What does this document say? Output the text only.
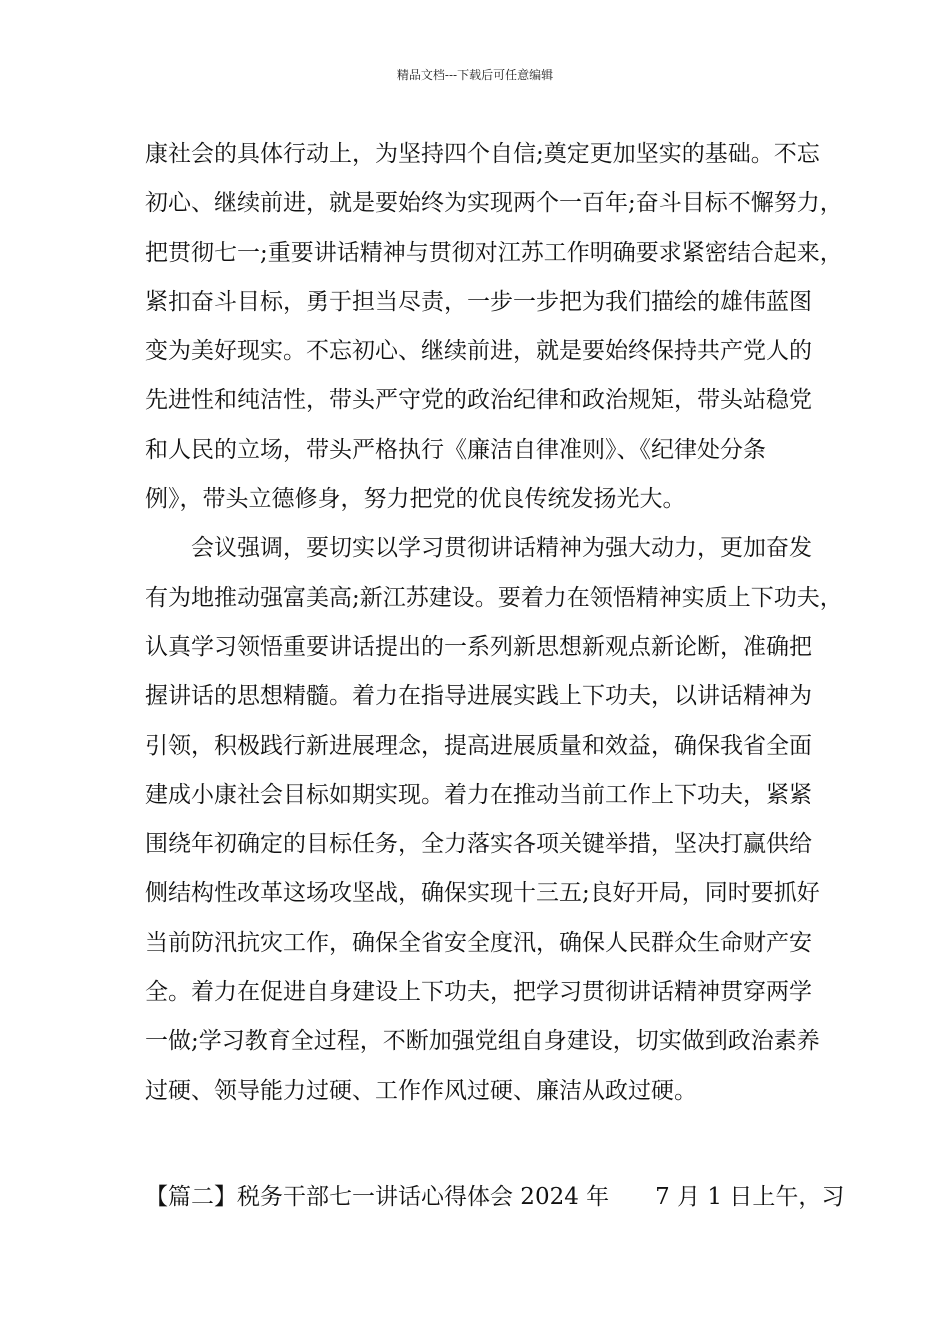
精品文档---下载后可任意编辑
康社会的具体行动上，为坚持四个自信;奠定更加坚实的基础。不忘
初心、继续前进，就是要始终为实现两个一百年;奋斗目标不懈努力，
把贯彻七一;重要讲话精神与贯彻对江苏工作明确要求紧密结合起来，
紧扣奋斗目标，勇于担当尽责，一步一步把为我们描绘的雄伟蓝图
变为美好现实。不忘初心、继续前进，就是要始终保持共产党人的
先进性和纯洁性，带头严守党的政治纪律和政治规矩，带头站稳党
和人民的立场，带头严格执行《廉洁自律准则》、《纪律处分条
例》，带头立德修身，努力把党的优良传统发扬光大。
会议强调，要切实以学习贯彻讲话精神为强大动力，更加奋发
有为地推动强富美高;新江苏建设。要着力在领悟精神实质上下功夫，
认真学习领悟重要讲话提出的一系列新思想新观点新论断，准确把
握讲话的思想精髓。着力在指导进展实践上下功夫，以讲话精神为
引领，积极践行新进展理念，提高进展质量和效益，确保我省全面
建成小康社会目标如期实现。着力在推动当前工作上下功夫，紧紧
围绕年初确定的目标任务，全力落实各项关键举措，坚决打赢供给
侧结构性改革这场攻坚战，确保实现十三五;良好开局，同时要抓好
当前防汛抗灾工作，确保全省安全度汛，确保人民群众生命财产安
全。着力在促进自身建设上下功夫，把学习贯彻讲话精神贯穿两学
一做;学习教育全过程，不断加强党组自身建设，切实做到政治素养
过硬、领导能力过硬、工作作风过硬、廉洁从政过硬。
【篇二】税务干部七一讲话心得体会 2024 年 7 月 1 日上午，习
